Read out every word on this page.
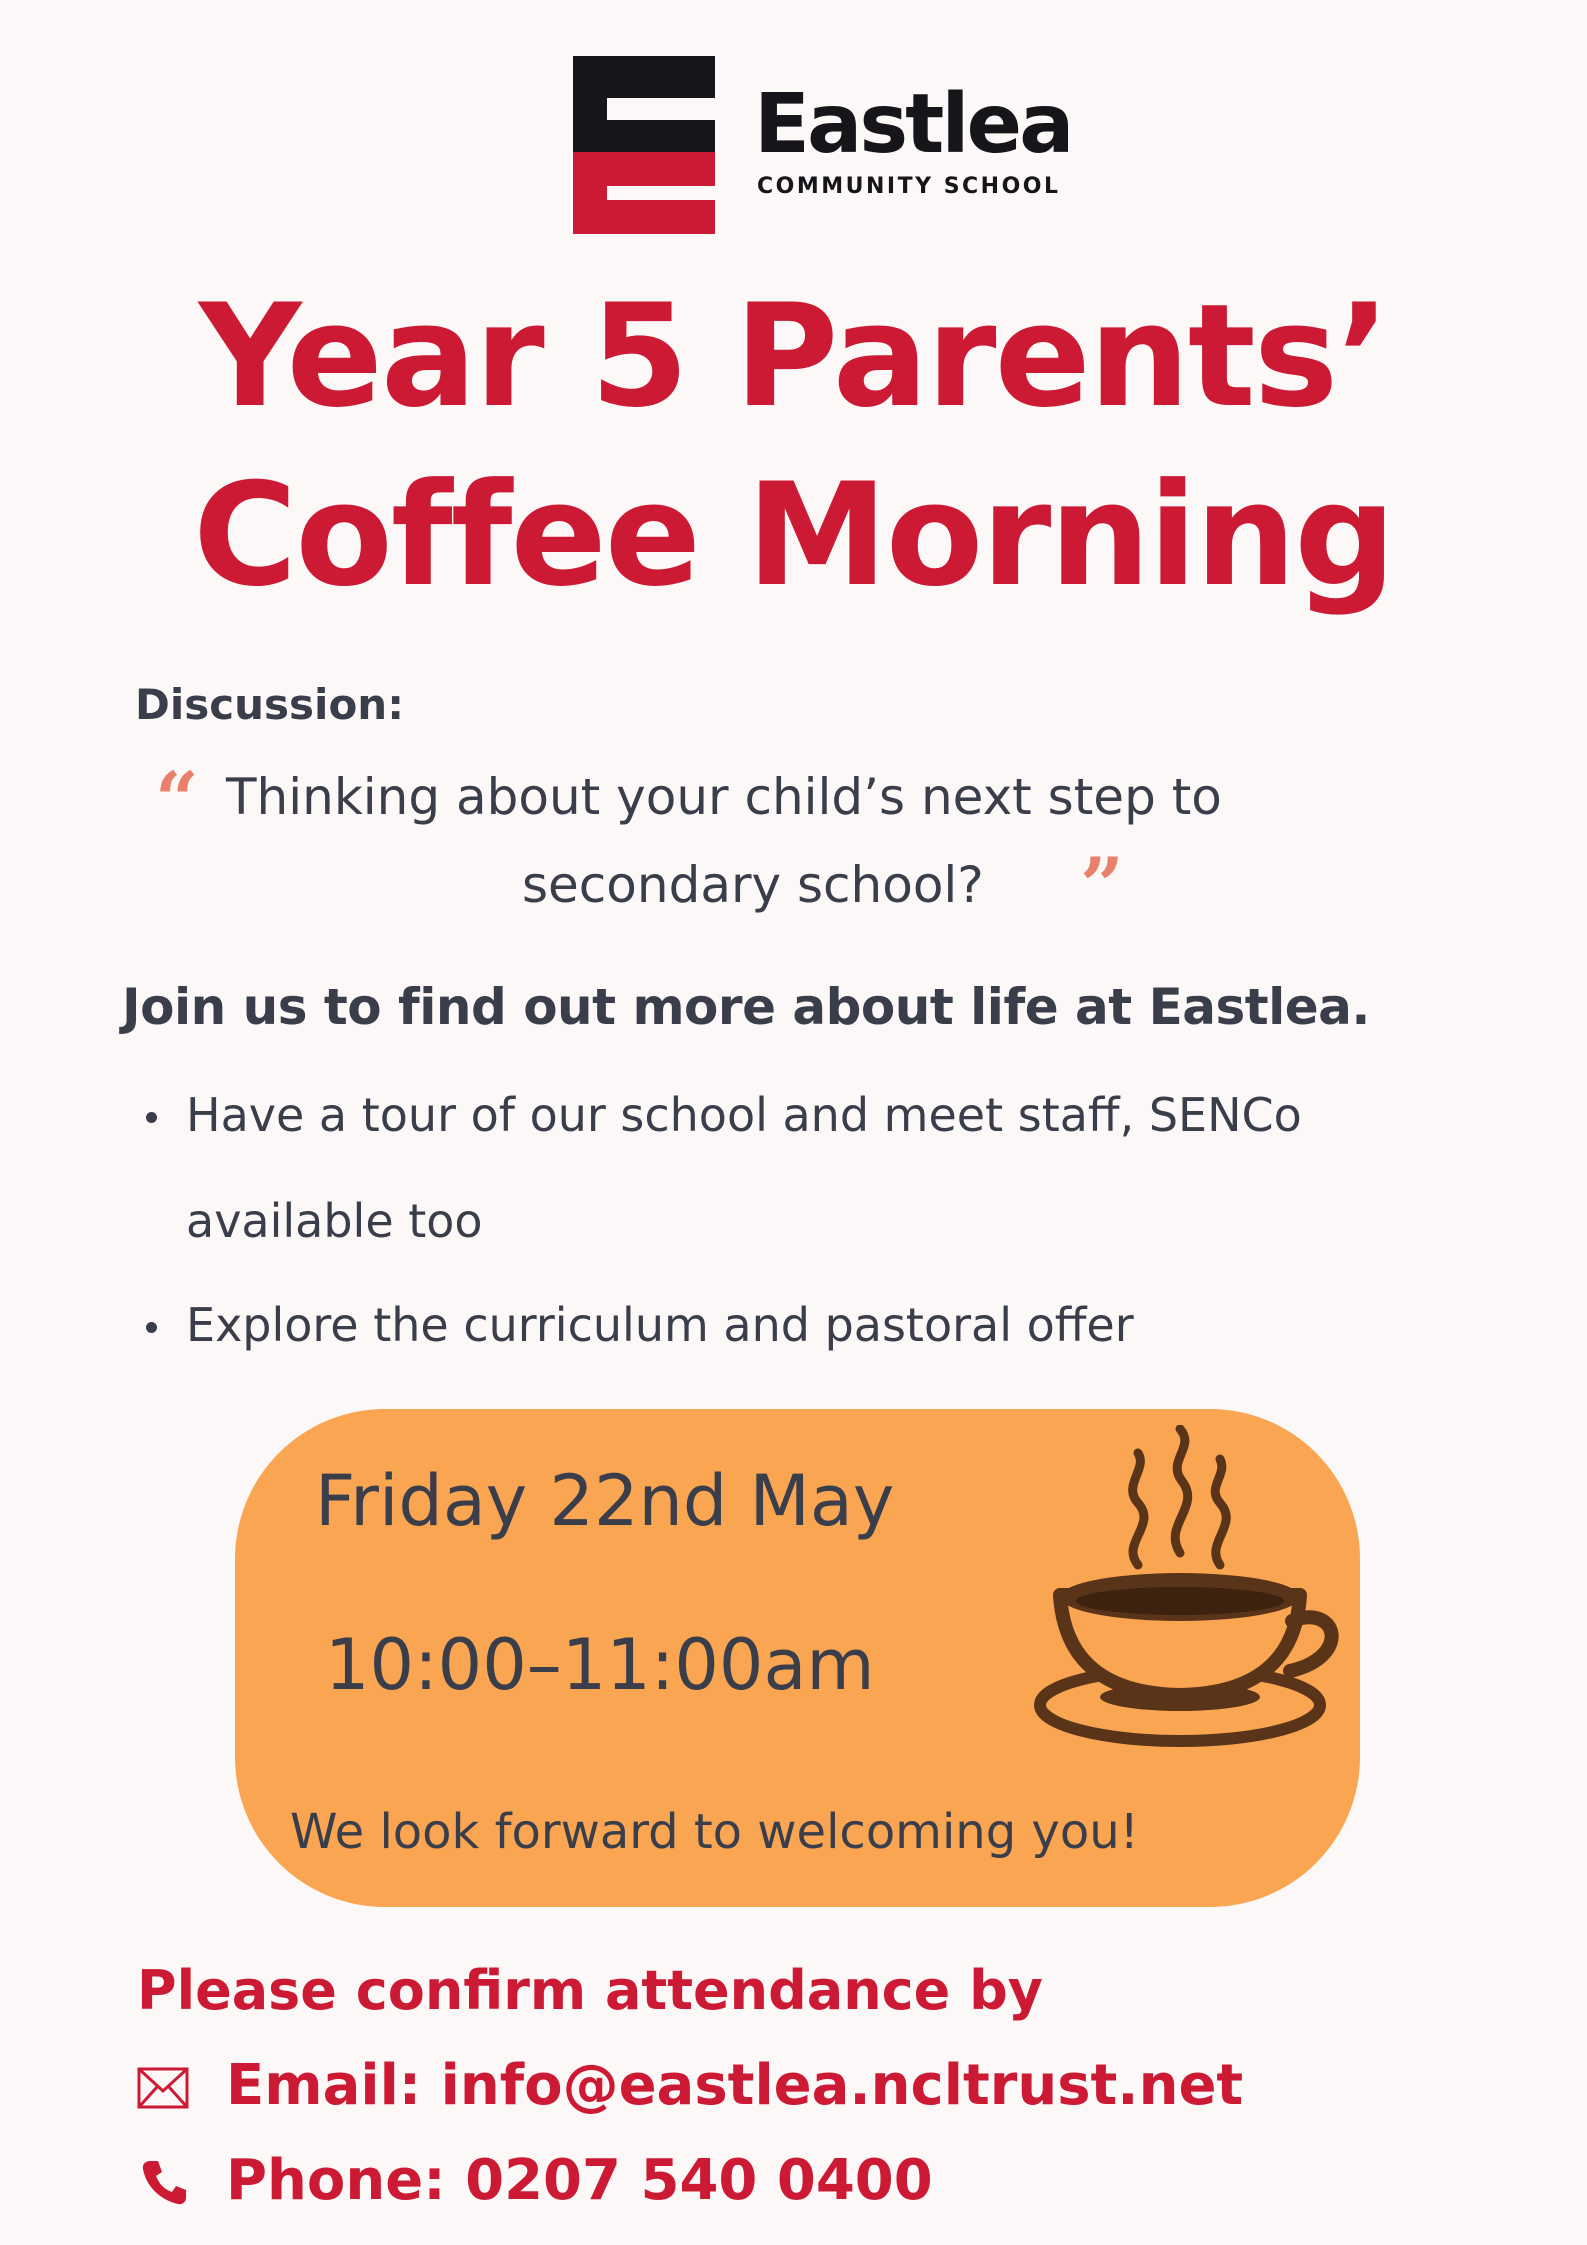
Eastlea
COMMUNITY SCHOOL
Year 5 Parents’
Coffee Morning
Discussion:
“ Thinking about your child’s next step to
secondary school? ”
Join us to find out more about life at Eastlea.
Have a tour of our school and meet staff, SENCo
available too
Explore the curriculum and pastoral offer
Friday 22nd May
10:00–11:00am
We look forward to welcoming you!
Please confirm attendance by
Email: info@eastlea.ncltrust.net
Phone: 0207 540 0400
